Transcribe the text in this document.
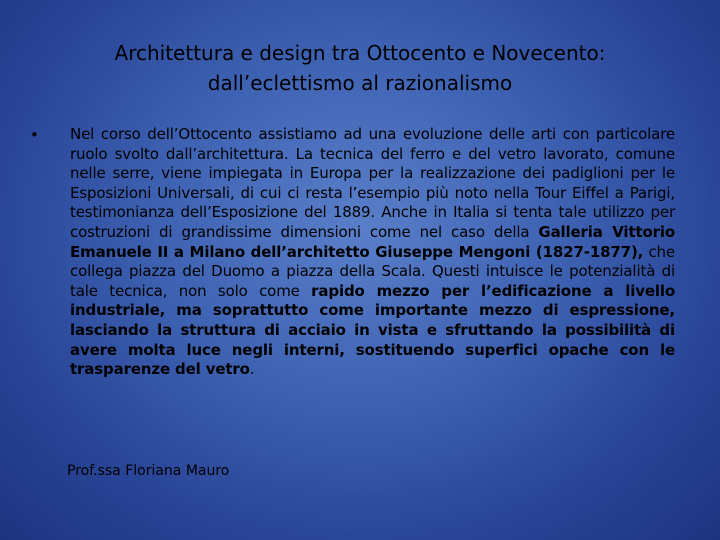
Architettura e design tra Ottocento e Novecento:
dall’eclettismo al razionalismo
• Nel corso dell’Ottocento assistiamo ad una evoluzione delle arti con particolare ruolo svolto dall’architettura. La tecnica del ferro e del vetro lavorato, comune nelle serre, viene impiegata in Europa per la realizzazione dei padiglioni per le Esposizioni Universali, di cui ci resta l’esempio più noto nella Tour Eiffel a Parigi, testimonianza dell’Esposizione del 1889. Anche in Italia si tenta tale utilizzo per costruzioni di grandissime dimensioni come nel caso della Galleria Vittorio Emanuele II a Milano dell’architetto Giuseppe Mengoni (1827-1877), che collega piazza del Duomo a piazza della Scala. Questi intuisce le potenzialità di tale tecnica, non solo come rapido mezzo per l’edificazione a livello industriale, ma soprattutto come importante mezzo di espressione, lasciando la struttura di acciaio in vista e sfruttando la possibilità di avere molta luce negli interni, sostituendo superfici opache con le trasparenze del vetro.
Prof.ssa Floriana Mauro
